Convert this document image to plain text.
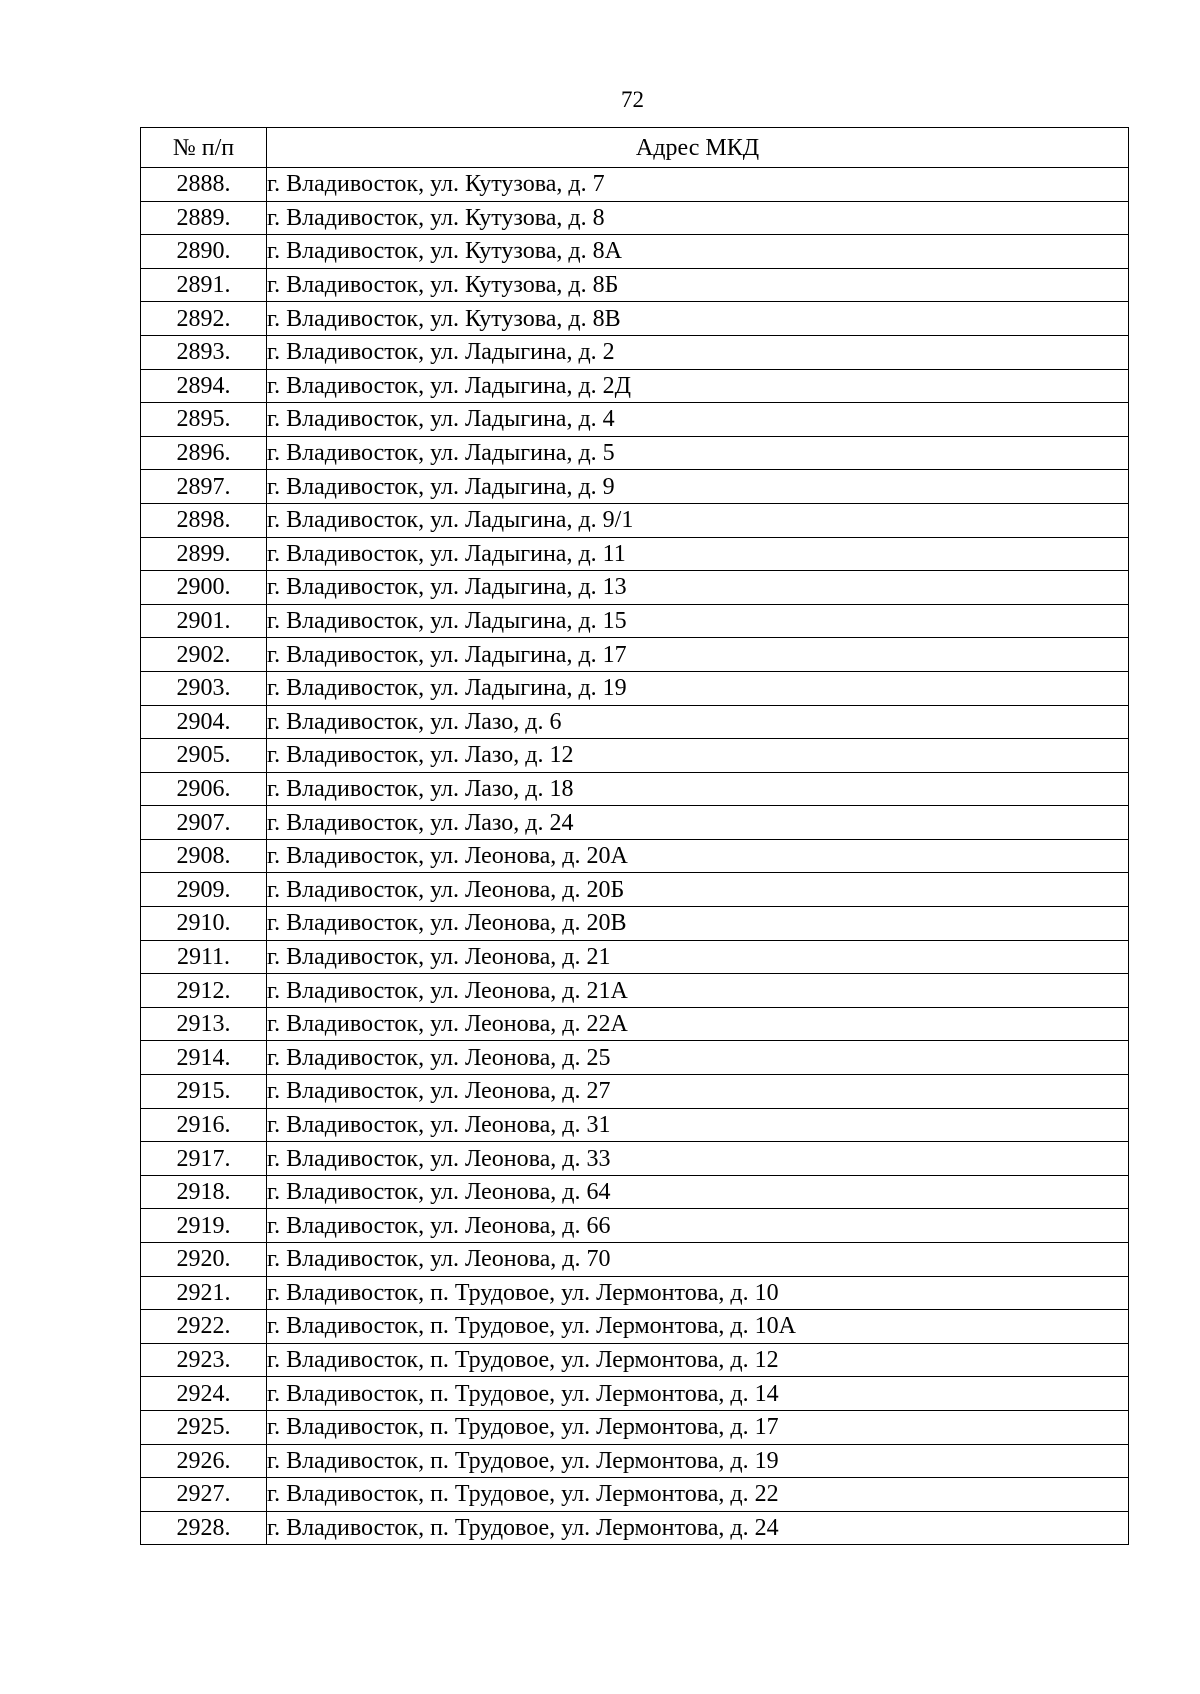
72
№ п/п	Адрес МКД
2888.	г. Владивосток, ул. Кутузова, д. 7
2889.	г. Владивосток, ул. Кутузова, д. 8
2890.	г. Владивосток, ул. Кутузова, д. 8А
2891.	г. Владивосток, ул. Кутузова, д. 8Б
2892.	г. Владивосток, ул. Кутузова, д. 8В
2893.	г. Владивосток, ул. Ладыгина, д. 2
2894.	г. Владивосток, ул. Ладыгина, д. 2Д
2895.	г. Владивосток, ул. Ладыгина, д. 4
2896.	г. Владивосток, ул. Ладыгина, д. 5
2897.	г. Владивосток, ул. Ладыгина, д. 9
2898.	г. Владивосток, ул. Ладыгина, д. 9/1
2899.	г. Владивосток, ул. Ладыгина, д. 11
2900.	г. Владивосток, ул. Ладыгина, д. 13
2901.	г. Владивосток, ул. Ладыгина, д. 15
2902.	г. Владивосток, ул. Ладыгина, д. 17
2903.	г. Владивосток, ул. Ладыгина, д. 19
2904.	г. Владивосток, ул. Лазо, д. 6
2905.	г. Владивосток, ул. Лазо, д. 12
2906.	г. Владивосток, ул. Лазо, д. 18
2907.	г. Владивосток, ул. Лазо, д. 24
2908.	г. Владивосток, ул. Леонова, д. 20А
2909.	г. Владивосток, ул. Леонова, д. 20Б
2910.	г. Владивосток, ул. Леонова, д. 20В
2911.	г. Владивосток, ул. Леонова, д. 21
2912.	г. Владивосток, ул. Леонова, д. 21А
2913.	г. Владивосток, ул. Леонова, д. 22А
2914.	г. Владивосток, ул. Леонова, д. 25
2915.	г. Владивосток, ул. Леонова, д. 27
2916.	г. Владивосток, ул. Леонова, д. 31
2917.	г. Владивосток, ул. Леонова, д. 33
2918.	г. Владивосток, ул. Леонова, д. 64
2919.	г. Владивосток, ул. Леонова, д. 66
2920.	г. Владивосток, ул. Леонова, д. 70
2921.	г. Владивосток, п. Трудовое, ул. Лермонтова, д. 10
2922.	г. Владивосток, п. Трудовое, ул. Лермонтова, д. 10А
2923.	г. Владивосток, п. Трудовое, ул. Лермонтова, д. 12
2924.	г. Владивосток, п. Трудовое, ул. Лермонтова, д. 14
2925.	г. Владивосток, п. Трудовое, ул. Лермонтова, д. 17
2926.	г. Владивосток, п. Трудовое, ул. Лермонтова, д. 19
2927.	г. Владивосток, п. Трудовое, ул. Лермонтова, д. 22
2928.	г. Владивосток, п. Трудовое, ул. Лермонтова, д. 24
